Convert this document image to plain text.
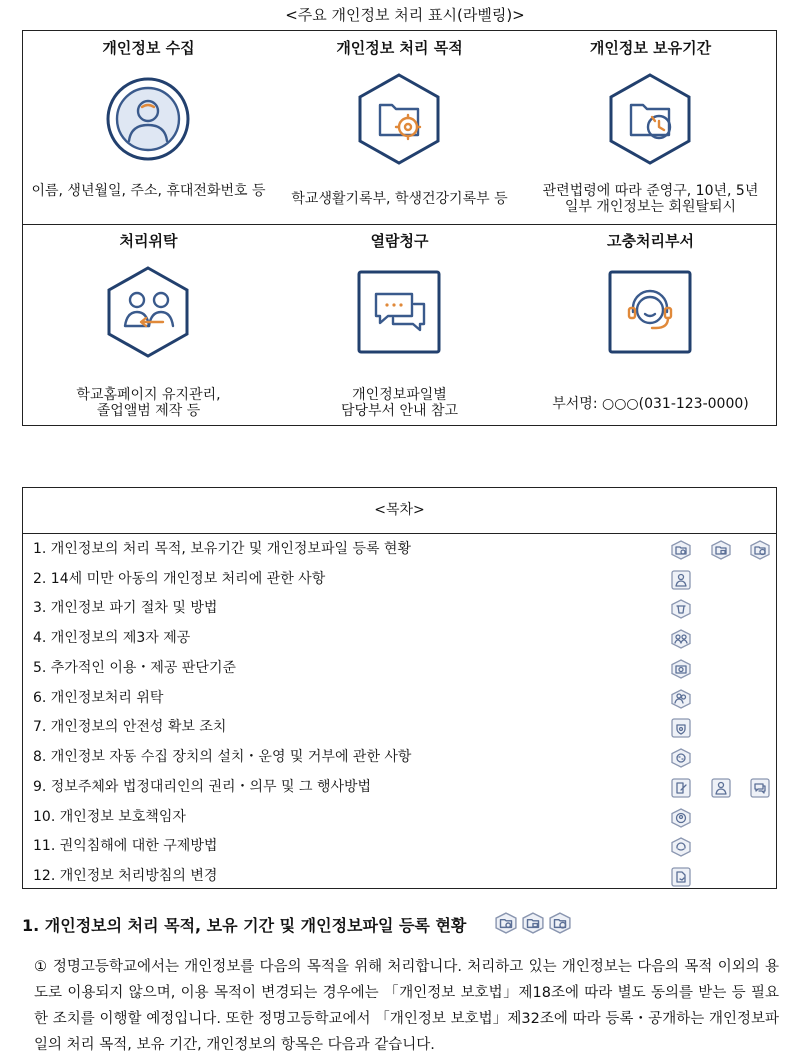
<주요 개인정보 처리 표시(라벨링)>
개인정보 수집
이름, 생년월일, 주소, 휴대전화번호 등
개인정보 처리 목적
학교생활기록부, 학생건강기록부 등
개인정보 보유기간
관련법령에 따라 준영구, 10년, 5년
일부 개인정보는 회원탈퇴시
처리위탁
학교홈페이지 유지관리,
졸업앨범 제작 등
열람청구
개인정보파일별
담당부서 안내 참고
고충처리부서
부서명: ○○○(031-123-0000)
<목차>
1. 개인정보의 처리 목적, 보유기간 및 개인정보파일 등록 현황
2. 14세 미만 아동의 개인정보 처리에 관한 사항
3. 개인정보 파기 절차 및 방법
4. 개인정보의 제3자 제공
5. 추가적인 이용・제공 판단기준
6. 개인정보처리 위탁
7. 개인정보의 안전성 확보 조치
8. 개인정보 자동 수집 장치의 설치・운영 및 거부에 관한 사항
9. 정보주체와 법정대리인의 권리・의무 및 그 행사방법
10. 개인정보 보호책임자
11. 권익침해에 대한 구제방법
12. 개인정보 처리방침의 변경
1. 개인정보의 처리 목적, 보유 기간 및 개인정보파일 등록 현황

① 정명고등학교에서는 개인정보를 다음의 목적을 위해 처리합니다. 처리하고 있는 개인정보는 다음의 목적 이외의 용도로 이용되지 않으며, 이용 목적이 변경되는 경우에는 「개인정보 보호법」제18조에 따라 별도 동의를 받는 등 필요한 조치를 이행할 예정입니다. 또한 정명고등학교에서 「개인정보 보호법」제32조에 따라 등록・공개하는 개인정보파일의 처리 목적, 보유 기간, 개인정보의 항목은 다음과 같습니다.
